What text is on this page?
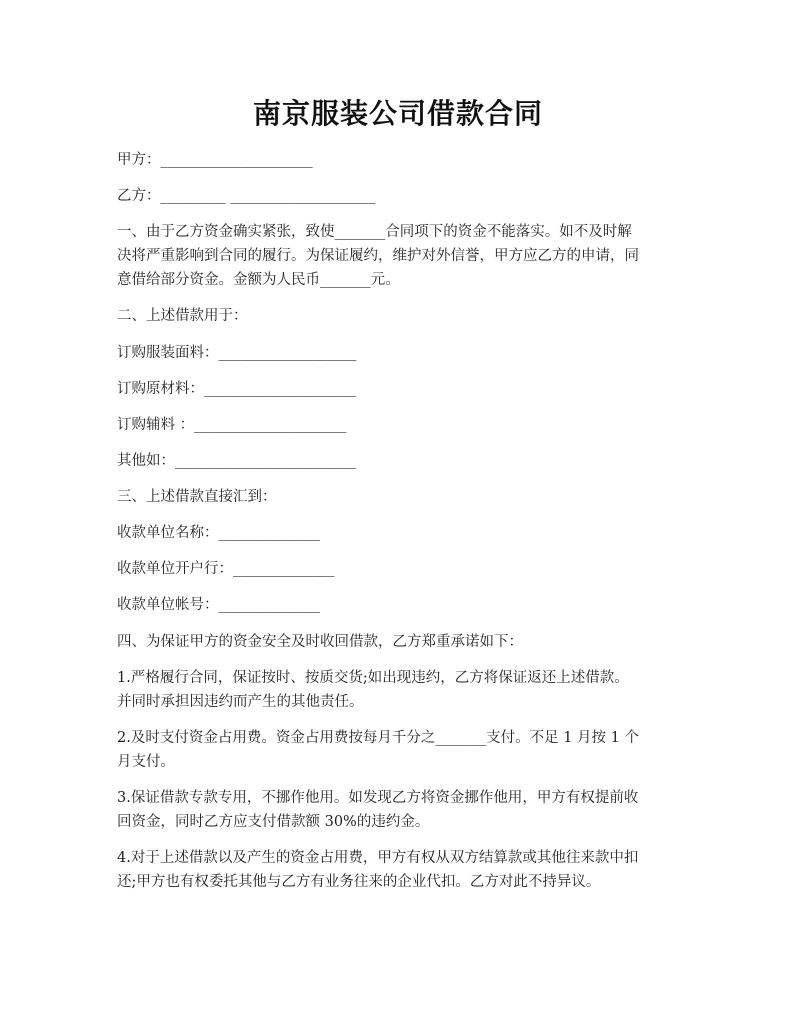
南京服装公司借款合同
甲方：_____________________
乙方：_________ ____________________
一、由于乙方资金确实紧张，致使_______合同项下的资金不能落实。如不及时解
决将严重影响到合同的履行。为保证履约，维护对外信誉，甲方应乙方的申请，同
意借给部分资金。金额为人民币_______元。
二、上述借款用于：
订购服装面料：___________________
订购原材料：_____________________
订购辅料 ：_____________________
其他如：_________________________
三、上述借款直接汇到：
收款单位名称：______________
收款单位开户行：______________
收款单位帐号：______________
四、为保证甲方的资金安全及时收回借款，乙方郑重承诺如下：
1.严格履行合同，保证按时、按质交货;如出现违约，乙方将保证返还上述借款。
并同时承担因违约而产生的其他责任。
2.及时支付资金占用费。资金占用费按每月千分之_______支付。不足 1 月按 1 个
月支付。
3.保证借款专款专用，不挪作他用。如发现乙方将资金挪作他用，甲方有权提前收
回资金，同时乙方应支付借款额 30%的违约金。
4.对于上述借款以及产生的资金占用费，甲方有权从双方结算款或其他往来款中扣
还;甲方也有权委托其他与乙方有业务往来的企业代扣。乙方对此不持异议。
